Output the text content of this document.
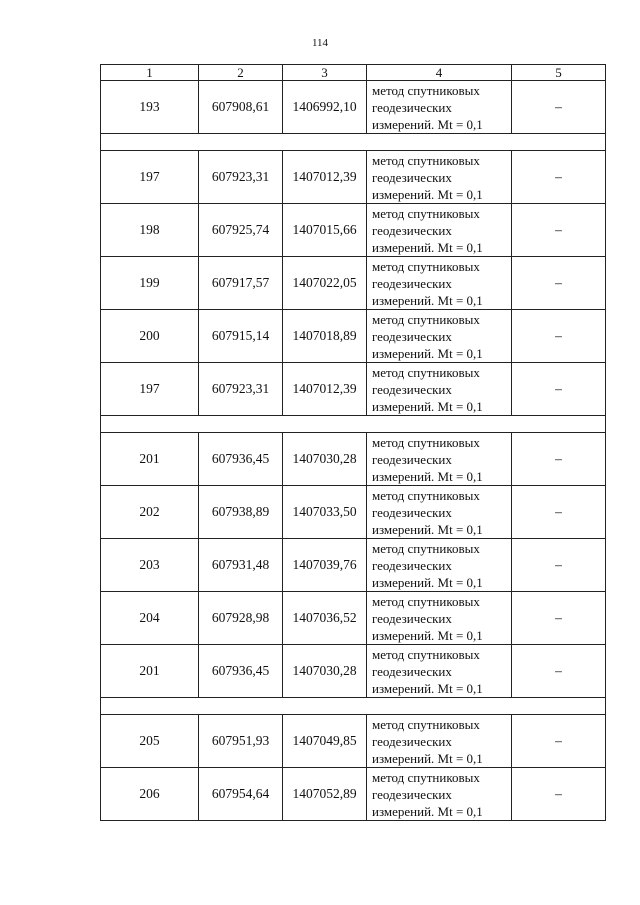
114
1	2	3	4	5
193	607908,61	1406992,10	метод спутниковых
геодезических
измерений. Mt = 0,1	–

197	607923,31	1407012,39	метод спутниковых
геодезических
измерений. Mt = 0,1	–
198	607925,74	1407015,66	метод спутниковых
геодезических
измерений. Mt = 0,1	–
199	607917,57	1407022,05	метод спутниковых
геодезических
измерений. Mt = 0,1	–
200	607915,14	1407018,89	метод спутниковых
геодезических
измерений. Mt = 0,1	–
197	607923,31	1407012,39	метод спутниковых
геодезических
измерений. Mt = 0,1	–

201	607936,45	1407030,28	метод спутниковых
геодезических
измерений. Mt = 0,1	–
202	607938,89	1407033,50	метод спутниковых
геодезических
измерений. Mt = 0,1	–
203	607931,48	1407039,76	метод спутниковых
геодезических
измерений. Mt = 0,1	–
204	607928,98	1407036,52	метод спутниковых
геодезических
измерений. Mt = 0,1	–
201	607936,45	1407030,28	метод спутниковых
геодезических
измерений. Mt = 0,1	–

205	607951,93	1407049,85	метод спутниковых
геодезических
измерений. Mt = 0,1	–
206	607954,64	1407052,89	метод спутниковых
геодезических
измерений. Mt = 0,1	–
